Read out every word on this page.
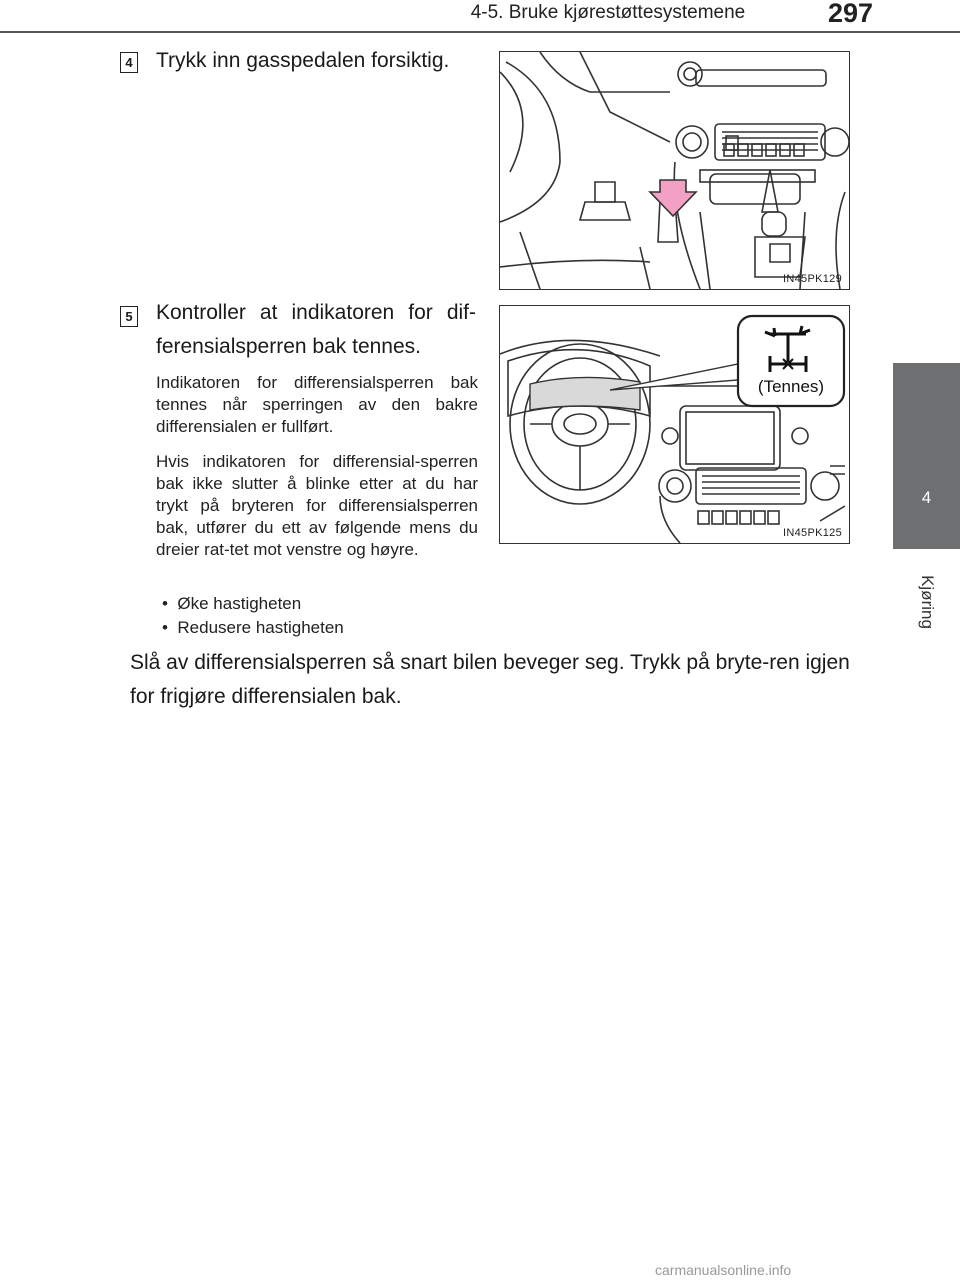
4-5. Bruke kjørestøttesystemene	297
4
Kjøring
4 Trykk inn gasspedalen forsiktig.
IN45PK129
5 Kontroller at indikatoren for dif-ferensialsperren bak tennes.
(Tennes)
IN45PK125
Indikatoren for differensialsperren bak tennes når sperringen av den bakre differensialen er fullført.
Hvis indikatoren for differensial-sperren bak ikke slutter å blinke etter at du har trykt på bryteren for differensialsperren bak, utfører du ett av følgende mens du dreier rat-tet mot venstre og høyre.
•  Øke hastigheten
•  Redusere hastigheten
Slå av differensialsperren så snart bilen beveger seg. Trykk på bryte-ren igjen for frigjøre differensialen bak.
carmanualsonline.info
